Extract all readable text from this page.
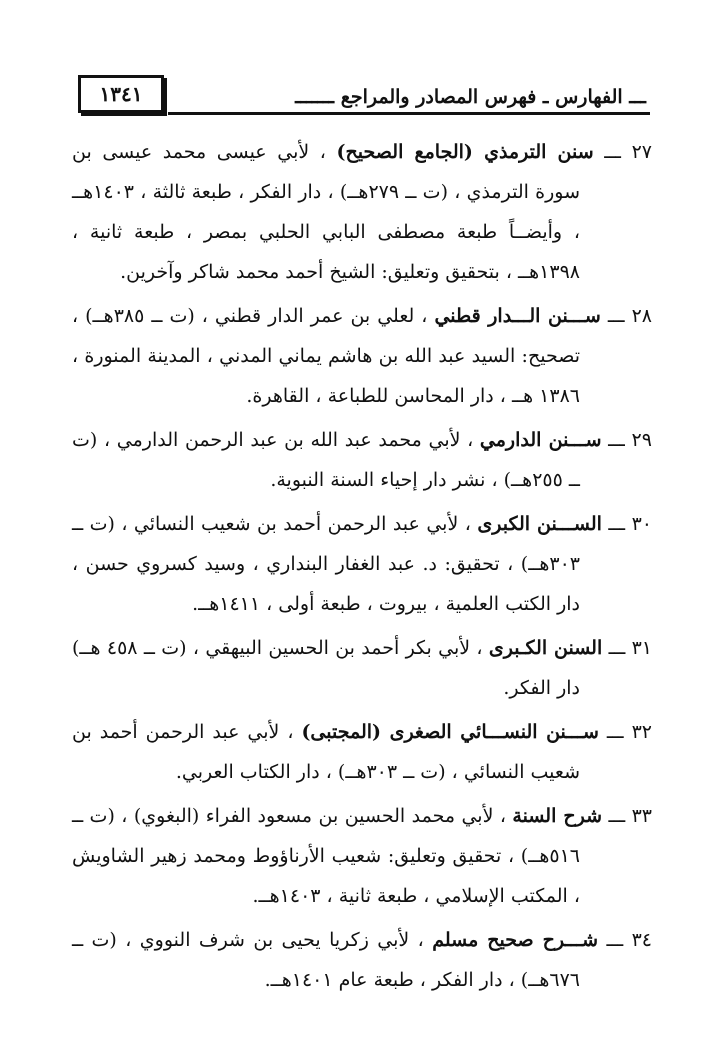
١٣٤١	ـــ الفهارس ـ فهرس المصادر والمراجع ـــــــ
٢٧ ـــ سنن الترمذي (الجامع الصحيح) ، لأبي عيسى محمد عيسى بن سورة الترمذي ، (ت ــ ٢٧٩هــ) ، دار الفكر ، طبعة ثالثة ، ١٤٠٣هــ ، وأيضــاً طبعة مصطفى البابي الحلبي بمصر ، طبعة ثانية ، ١٣٩٨هــ ، بتحقيق وتعليق: الشيخ أحمد محمد شاكر وآخرين.
٢٨ ـــ ســـنن الـــدار قطني ، لعلي بن عمر الدار قطني ، (ت ــ ٣٨٥هــ) ، تصحيح: السيد عبد الله بن هاشم يماني المدني ، المدينة المنورة ، ١٣٨٦ هــ ، دار المحاسن للطباعة ، القاهرة.
٢٩ ـــ ســـنن الدارمي ، لأبي محمد عبد الله بن عبد الرحمن الدارمي ، (ت ــ ٢٥٥هــ) ، نشر دار إحياء السنة النبوية.
٣٠ ـــ الســـنن الكبرى ، لأبي عبد الرحمن أحمد بن شعيب النسائي ، (ت ــ ٣٠٣هــ) ، تحقيق: د. عبد الغفار البنداري ، وسيد كسروي حسن ، دار الكتب العلمية ، بيروت ، طبعة أولى ، ١٤١١هــ.
٣١ ـــ السنن الكـبرى ، لأبي بكر أحمد بن الحسين البيهقي ، (ت ــ ٤٥٨ هــ) دار الفكر.
٣٢ ـــ ســـنن النســـائي الصغرى (المجتبى) ، لأبي عبد الرحمن أحمد بن شعيب النسائي ، (ت ــ ٣٠٣هــ) ، دار الكتاب العربي.
٣٣ ـــ شرح السنة ، لأبي محمد الحسين بن مسعود الفراء (البغوي) ، (ت ــ ٥١٦هــ) ، تحقيق وتعليق: شعيب الأرناؤوط ومحمد زهير الشاويش ، المكتب الإسلامي ، طبعة ثانية ، ١٤٠٣هــ.
٣٤ ـــ شـــرح صحيح مسلم ، لأبي زكريا يحيى بن شرف النووي ، (ت ــ ٦٧٦هــ) ، دار الفكر ، طبعة عام ١٤٠١هــ.
